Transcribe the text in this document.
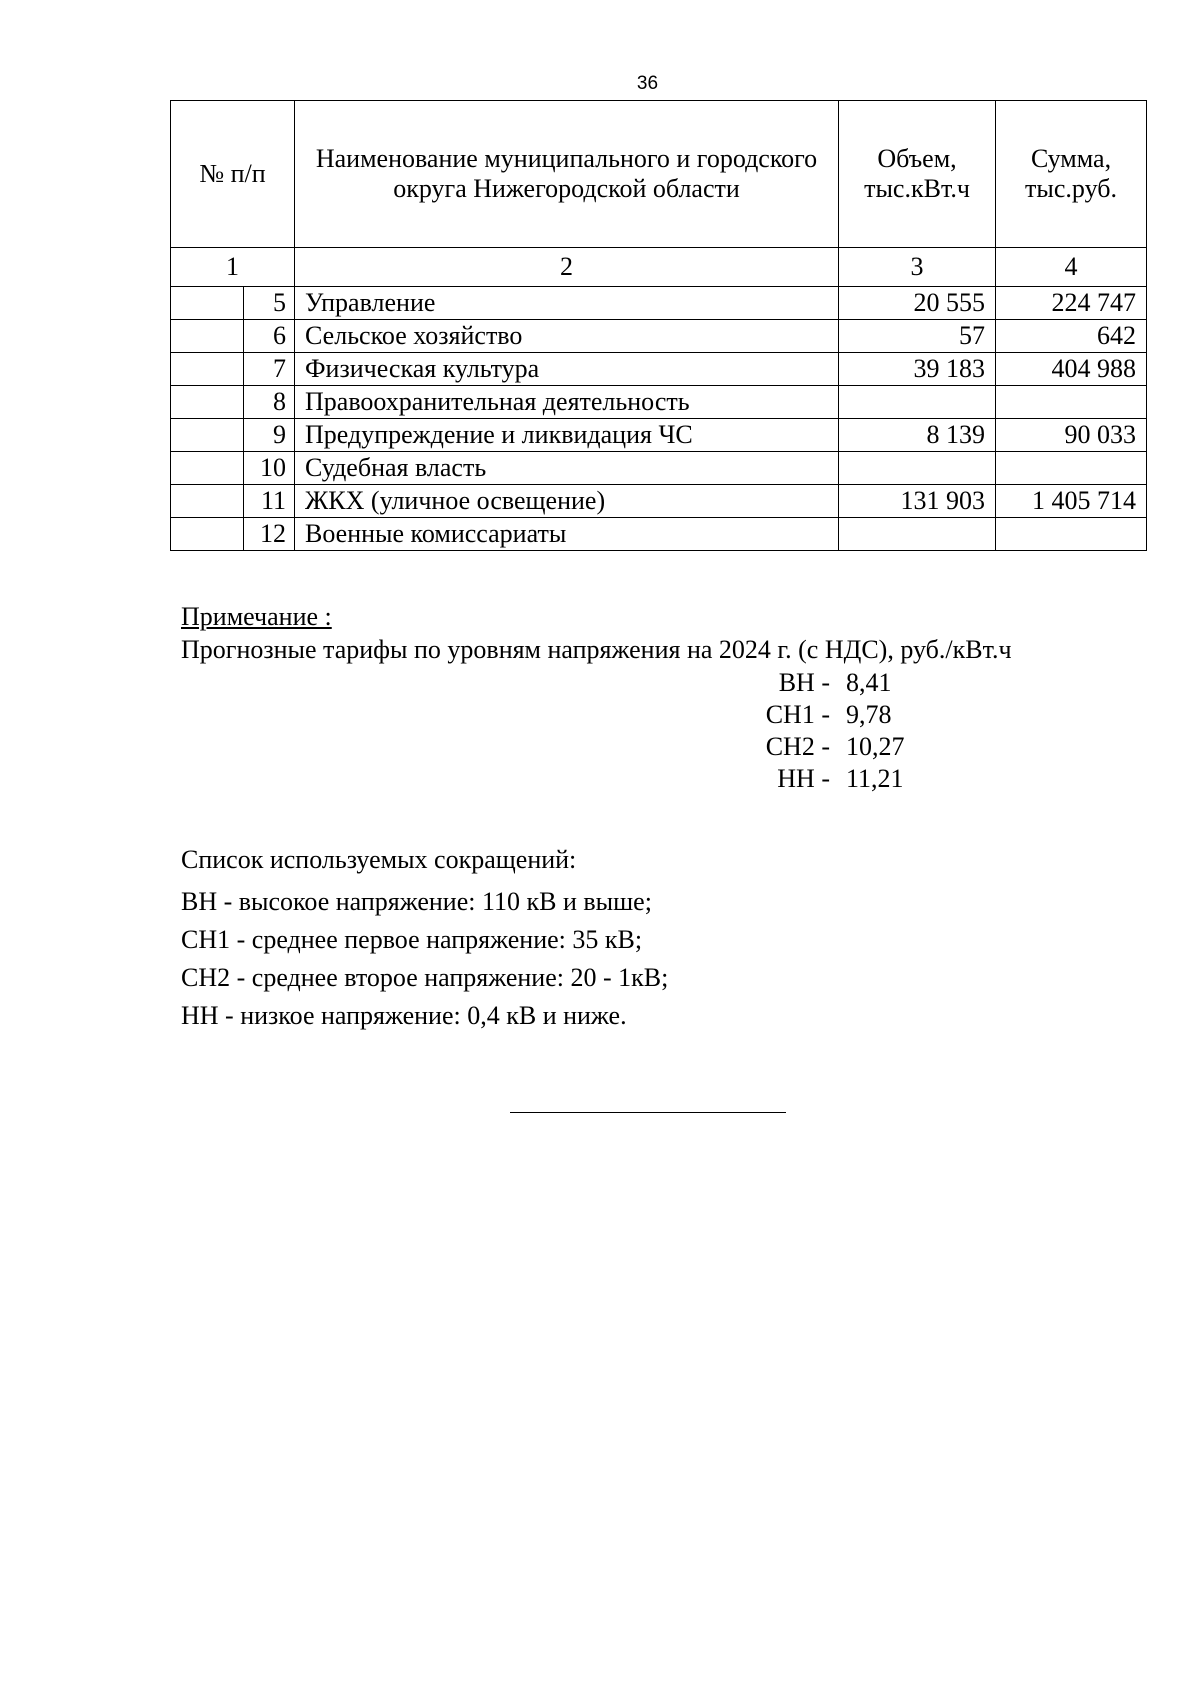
36
№ п/п		Наименование муниципального и городского округа Нижегородской области	Объем, тыс.кВт.ч	Сумма, тыс.руб.
1		2	3	4
	5	Управление	20 555	224 747
	6	Сельское хозяйство	57	642
	7	Физическая культура	39 183	404 988
	8	Правоохранительная деятельность		
	9	Предупреждение и ликвидация ЧС	8 139	90 033
	10	Судебная власть		
	11	ЖКХ (уличное освещение)	131 903	1 405 714
	12	Военные комиссариаты		
Примечание :
Прогнозные тарифы по уровням напряжения на 2024 г. (с НДС), руб./кВт.ч
ВН - 8,41
СН1 - 9,78
СН2 - 10,27
НН - 11,21
Список используемых сокращений:
ВН - высокое напряжение: 110 кВ и выше;
СН1 - среднее первое напряжение: 35 кВ;
СН2 - среднее второе напряжение: 20 - 1кВ;
НН - низкое напряжение: 0,4 кВ и ниже.
